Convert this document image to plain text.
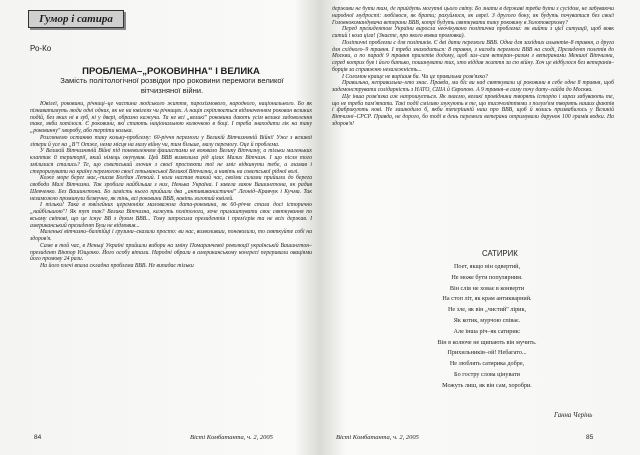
Гумор і сатира
Ро-Ко
ПРОБЛЕМА–„РОКОВИННА" І ВЕЛИКА
Замість політологічної розвідки про роковини перемоги великої вітчизняної війни.

Ювілеї, роковини, річниці–це частина людського життя, пароxізмового, народного, національного. Бо як пізнаватимуть люди одні одних, як не на ювілеях чи річницях. А нація скріплюється відзначенням роковин великих подій, без яких ні в зуб, ні у двері, образно кажучи. Та не всі „великі" роковини даютъ усім велике задоволення таке, якби хотілося. Є роковини, які стають національною колючкою в боці. І треба знаходити лік на таку „роковинну" хворобу, або терпіти колька.

Розглянемо останню таку кольку-проблему: 60-річчя перемоги у Великій Вітчизняній Війні! Уже з великої літери й усе на „В"! Отже, нема місця на малу війну чи, тим більше, малу перемогу. Оце й проблема.

У Великій Вітчизняній Війні під поневоленням фашистами не воювало Велику Вітчизну, а тільки маленьких клаптик її території, який німець окупував. Цей ВВВ визволила рід цілих Малих Вітчизн. І що після того змілилися стались? Те, що совєтський злочин з своєї проспекти тої не зміг відкинути тебе, а зламав і стероризувати на країну перемогою своєї гетьманської Великої Вітчизни, а навіть на совєтської рідної волі.

Коже море берег має,–писав Богдан Лепкий. І коли настав такий час, своїми силами прийшли до берега свободи Малі Вітчизни. Так зробила найбільша з них, Ненька Україна. І завела закон Вашингтона, як радив Шевченко. Без Вашингтона. Бо замість нього прийшли два „антививанистичні" Леонід–Кравчук і Кучма. Так незаможно проминули безвучно, як тінь, всі роковини ВВВ, навіть золотий ювілей.

І тільки! Така в ювілейних церемоніях маловажна дата-роковина, як 60-річчя стала досі історично „найбільшою"! Як тут так? Велика Вітчизна, кажуть політологи, хоче прилаштувати своє святкування по всьому світові, що це існує ВВ з духом ВВВ... Тому запросила президентів і прем'єрів та не всіх держав. І американський президент Буш не відмовив...

Маленькі вітчизни–балтійці і грузини–сказали просто: ви нас, визволивши, поневолили, то святкуйте собі на здоров'я.

Саме в той час, в Неньці Україні прийшли вибори на зміну Помаранчевої революції українській Вашингтон–президент Віктор Ющенко. Його особу вітали. Народні обрали в американському конгресі переривали оваціями його промову 24 рази.

На його плечі впала складна проблема ВВВ. Не випадає тільки

84	Вісті Комбатанта, ч. 2, 2005

держави не бути там, де прийдуть могутні цього світу. Бо знати в державі треба бути з сусідом, не забуваючи народної мудрості: любімося, як брати; рахуймося, як євреї. З другого боку, як будуть почуватися без своєї Головнокомандувача ветерани ВВВ, котрі будуть святкувати таку роковину в Золотоверхому?

Перед президентом України виросла неочікувано політична проблема: як вийти з цієї ситуації, щоб вовк ситий і коза ціла! (Знаєте, про якого вовка промовка).

Політичні проблеми є для політиків. Є дві дати перемоги ВВВ. Одна для західних альянтів–8 травня, а друга для східного–9 травня. І треба знаходиться: 8 травня, з нагоди перемоги ВВВ на сході, Президент полетів до Москви, а по параді 9 травня прилетів додому, щоб зал–сам ветеран–разом з ветеранами Меншої Вітчизни, серед котрих був і його батько, пошанувати тих, хто віддав життя за сю війну. Хоч це відбулося без ветеранів–борців за справжню незалежність...

І Соломон краще не вирішив би. Чи це правильна розв'язка?

Правильна, неправильна–хто знає. Правда, ми біс ви над святкували ці роковини в себе одне 8 травня, щоб задемонструвати солідарність з НАТО, США й Європою. А 9 травня–в саму почу дату–гайда до Москви.

Ще інша розв'язка аж напрошується. Як знаємо, великі провідники творять історію і зараз забувають те, що не треба пам'ятати. Такі події сміливо злукують в те, що тисячоліттями з полум'ям творять наших фактів і фабрикують нові. Не зашкодило б, якби теперішній наш про ВВВ, щоб й колись призвабилось у Великій Вітчизні–СРСР. Правда, не дорого, бо тоді в день перемоги ветерани отримували дарунок 100 грамів водки. На здоров'я!

САТИРИК
Поет, якщо він одвертий,
Не може бути популярним.
Він слів не ховає в конверти
На стоп літ, як крам антикварний.
Не злe, як він „чистий" лірик,
Як котик, мурчою співає.
Але інша річ–як сатирик:
Він в колюче не щипають він мучить.
Прихильників–ой! Небагато...
Не люблять сатирика добре,
Бо гостру слова цінувати
Можуть лиш, як він сам, хоробри.
Ганна Черінь
Вісті Комбатанта, ч. 2, 2005	85
